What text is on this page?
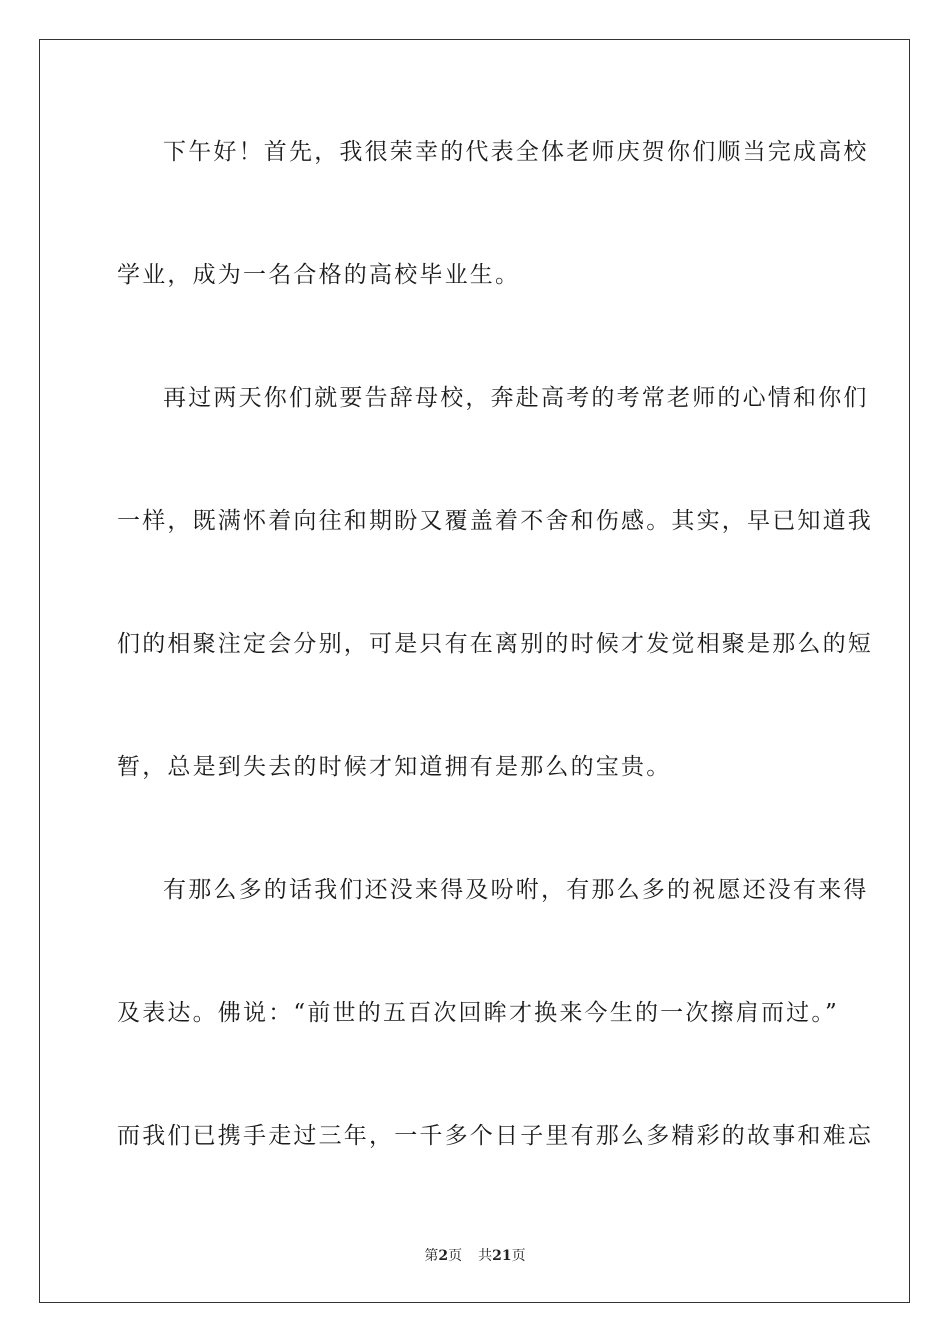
下午好！首先，我很荣幸的代表全体老师庆贺你们顺当完成高校
学业，成为一名合格的高校毕业生。
再过两天你们就要告辞母校，奔赴高考的考常老师的心情和你们
一样，既满怀着向往和期盼又覆盖着不舍和伤感。其实，早已知道我
们的相聚注定会分别，可是只有在离别的时候才发觉相聚是那么的短
暂，总是到失去的时候才知道拥有是那么的宝贵。
有那么多的话我们还没来得及吩咐，有那么多的祝愿还没有来得
及表达。佛说：“前世的五百次回眸才换来今生的一次擦肩而过。”
而我们已携手走过三年，一千多个日子里有那么多精彩的故事和难忘
第2页 共21页
